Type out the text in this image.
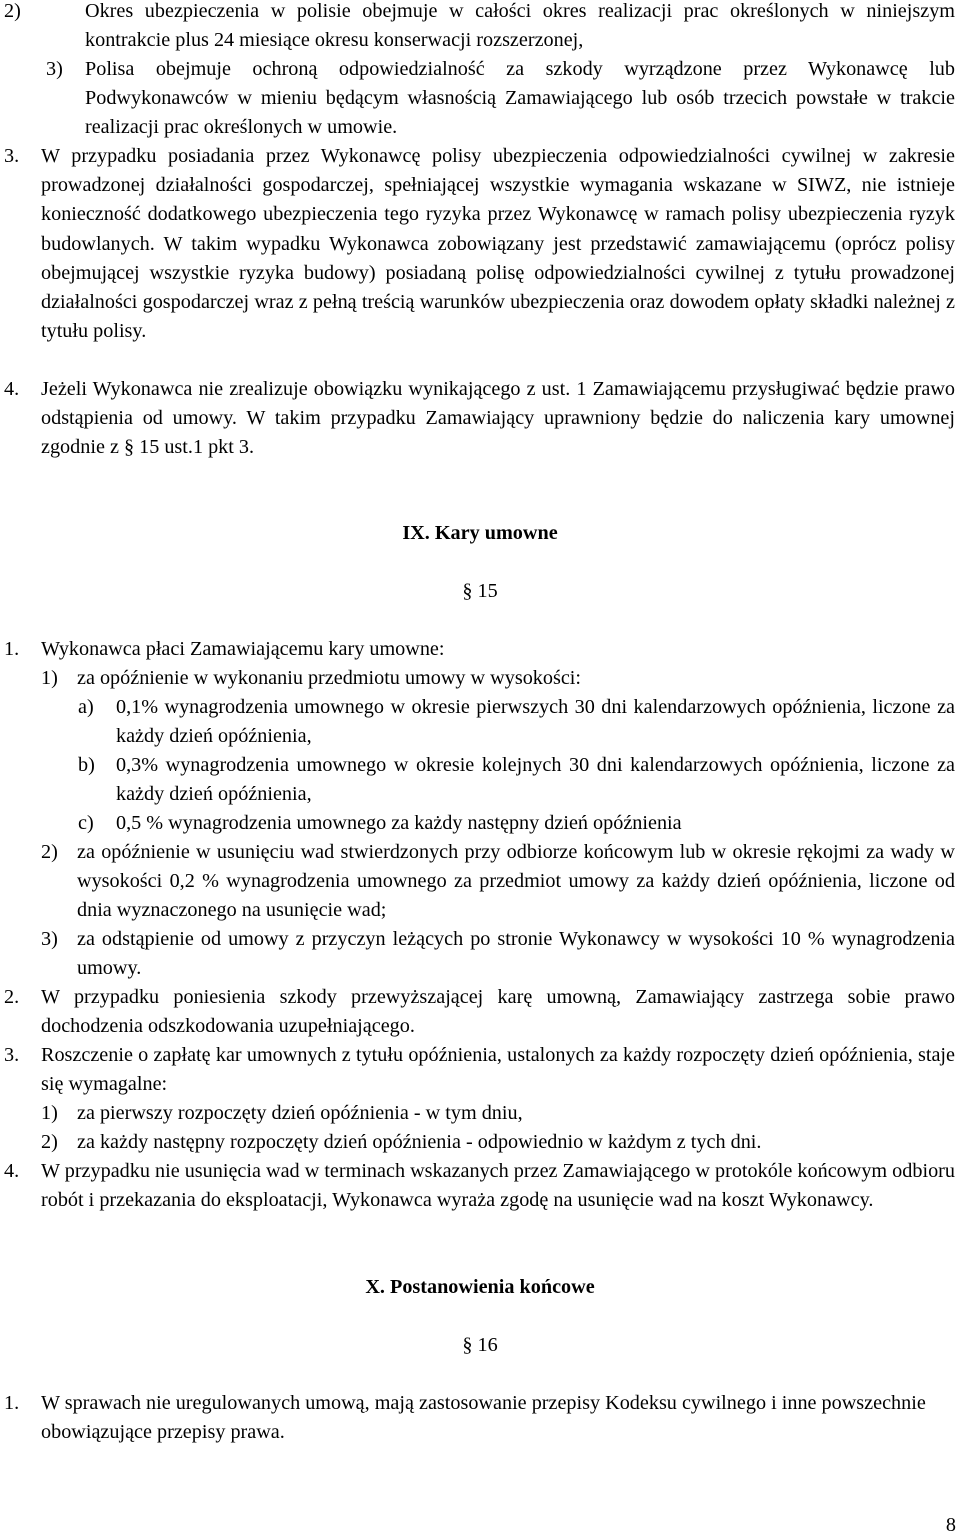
2)	Okres ubezpieczenia w polisie obejmuje w całości okres realizacji prac określonych w niniejszym kontrakcie plus 24 miesiące okresu konserwacji rozszerzonej,
3)	Polisa obejmuje ochroną odpowiedzialność za szkody wyrządzone przez Wykonawcę lub Podwykonawców w mieniu będącym własnością Zamawiającego lub osób trzecich powstałe w trakcie realizacji prac określonych w umowie.
3. W przypadku posiadania przez Wykonawcę polisy ubezpieczenia odpowiedzialności cywilnej w zakresie prowadzonej działalności gospodarczej, spełniającej wszystkie wymagania wskazane w SIWZ, nie istnieje konieczność dodatkowego ubezpieczenia tego ryzyka przez Wykonawcę w ramach polisy ubezpieczenia ryzyk budowlanych. W takim wypadku Wykonawca zobowiązany jest przedstawić zamawiającemu (oprócz polisy obejmującej wszystkie ryzyka budowy) posiadaną polisę odpowiedzialności cywilnej z tytułu prowadzonej działalności gospodarczej wraz z pełną treścią warunków ubezpieczenia oraz dowodem opłaty składki należnej z tytułu polisy.
4. Jeżeli Wykonawca nie zrealizuje obowiązku wynikającego z ust. 1 Zamawiającemu przysługiwać będzie prawo odstąpienia od umowy. W takim przypadku Zamawiający uprawniony będzie do naliczenia kary umownej zgodnie z § 15 ust.1 pkt 3.
IX. Kary umowne
§ 15
1. Wykonawca płaci Zamawiającemu kary umowne:
1) za opóźnienie w wykonaniu przedmiotu umowy w wysokości:
a) 0,1% wynagrodzenia umownego w okresie pierwszych 30 dni kalendarzowych opóźnienia, liczone za każdy dzień opóźnienia,
b) 0,3% wynagrodzenia umownego w okresie kolejnych 30 dni kalendarzowych opóźnienia, liczone za każdy dzień opóźnienia,
c) 0,5 % wynagrodzenia umownego za każdy następny dzień opóźnienia
2) za opóźnienie w usunięciu wad stwierdzonych przy odbiorze końcowym lub w okresie rękojmi za wady w wysokości 0,2 % wynagrodzenia umownego za przedmiot umowy za każdy dzień opóźnienia, liczone od dnia wyznaczonego na usunięcie wad;
3) za odstąpienie od umowy z przyczyn leżących po stronie Wykonawcy w wysokości 10 % wynagrodzenia umowy.
2. W przypadku poniesienia szkody przewyższającej karę umowną, Zamawiający zastrzega sobie prawo dochodzenia odszkodowania uzupełniającego.
3. Roszczenie o zapłatę kar umownych z tytułu opóźnienia, ustalonych za każdy rozpoczęty dzień opóźnienia, staje się wymagalne:
1) za pierwszy rozpoczęty dzień opóźnienia - w tym dniu,
2) za każdy następny rozpoczęty dzień opóźnienia - odpowiednio w każdym z tych dni.
4. W przypadku nie usunięcia wad w terminach wskazanych przez Zamawiającego w protokóle końcowym odbioru robót i przekazania do eksploatacji, Wykonawca wyraża zgodę na usunięcie wad na koszt Wykonawcy.
X. Postanowienia końcowe
§ 16
1. W sprawach nie uregulowanych umową, mają zastosowanie przepisy Kodeksu cywilnego i inne powszechnie obowiązujące przepisy prawa.
8
